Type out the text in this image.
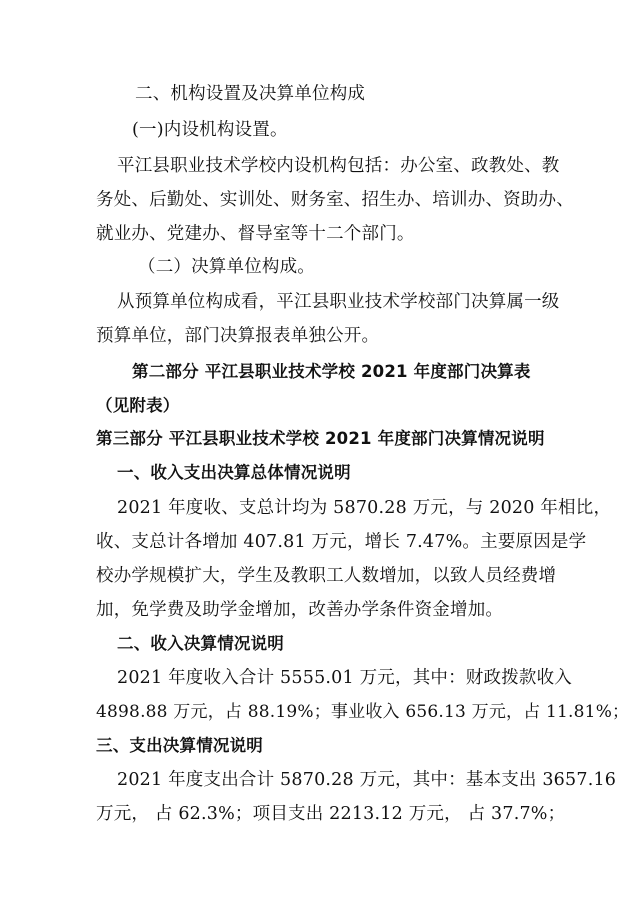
二、机构设置及决算单位构成
(一)内设机构设置。
平江县职业技术学校内设机构包括：办公室、政教处、教
务处、后勤处、实训处、财务室、招生办、培训办、资助办、
就业办、党建办、督导室等十二个部门。
（二）决算单位构成。
从预算单位构成看，平江县职业技术学校部门决算属一级
预算单位，部门决算报表单独公开。
第二部分 平江县职业技术学校 2021 年度部门决算表
（见附表）
第三部分 平江县职业技术学校 2021 年度部门决算情况说明
一、收入支出决算总体情况说明
2021 年度收、支总计均为 5870.28 万元，与 2020 年相比，
收、支总计各增加 407.81 万元，增长 7.47%。主要原因是学
校办学规模扩大，学生及教职工人数增加，以致人员经费增
加，免学费及助学金增加，改善办学条件资金增加。
二、收入决算情况说明
2021 年度收入合计 5555.01 万元，其中：财政拨款收入
4898.88 万元，占 88.19%；事业收入 656.13 万元，占 11.81%；
三、支出决算情况说明
2021 年度支出合计 5870.28 万元，其中：基本支出 3657.16
万元， 占 62.3%；项目支出 2213.12 万元， 占 37.7%；
